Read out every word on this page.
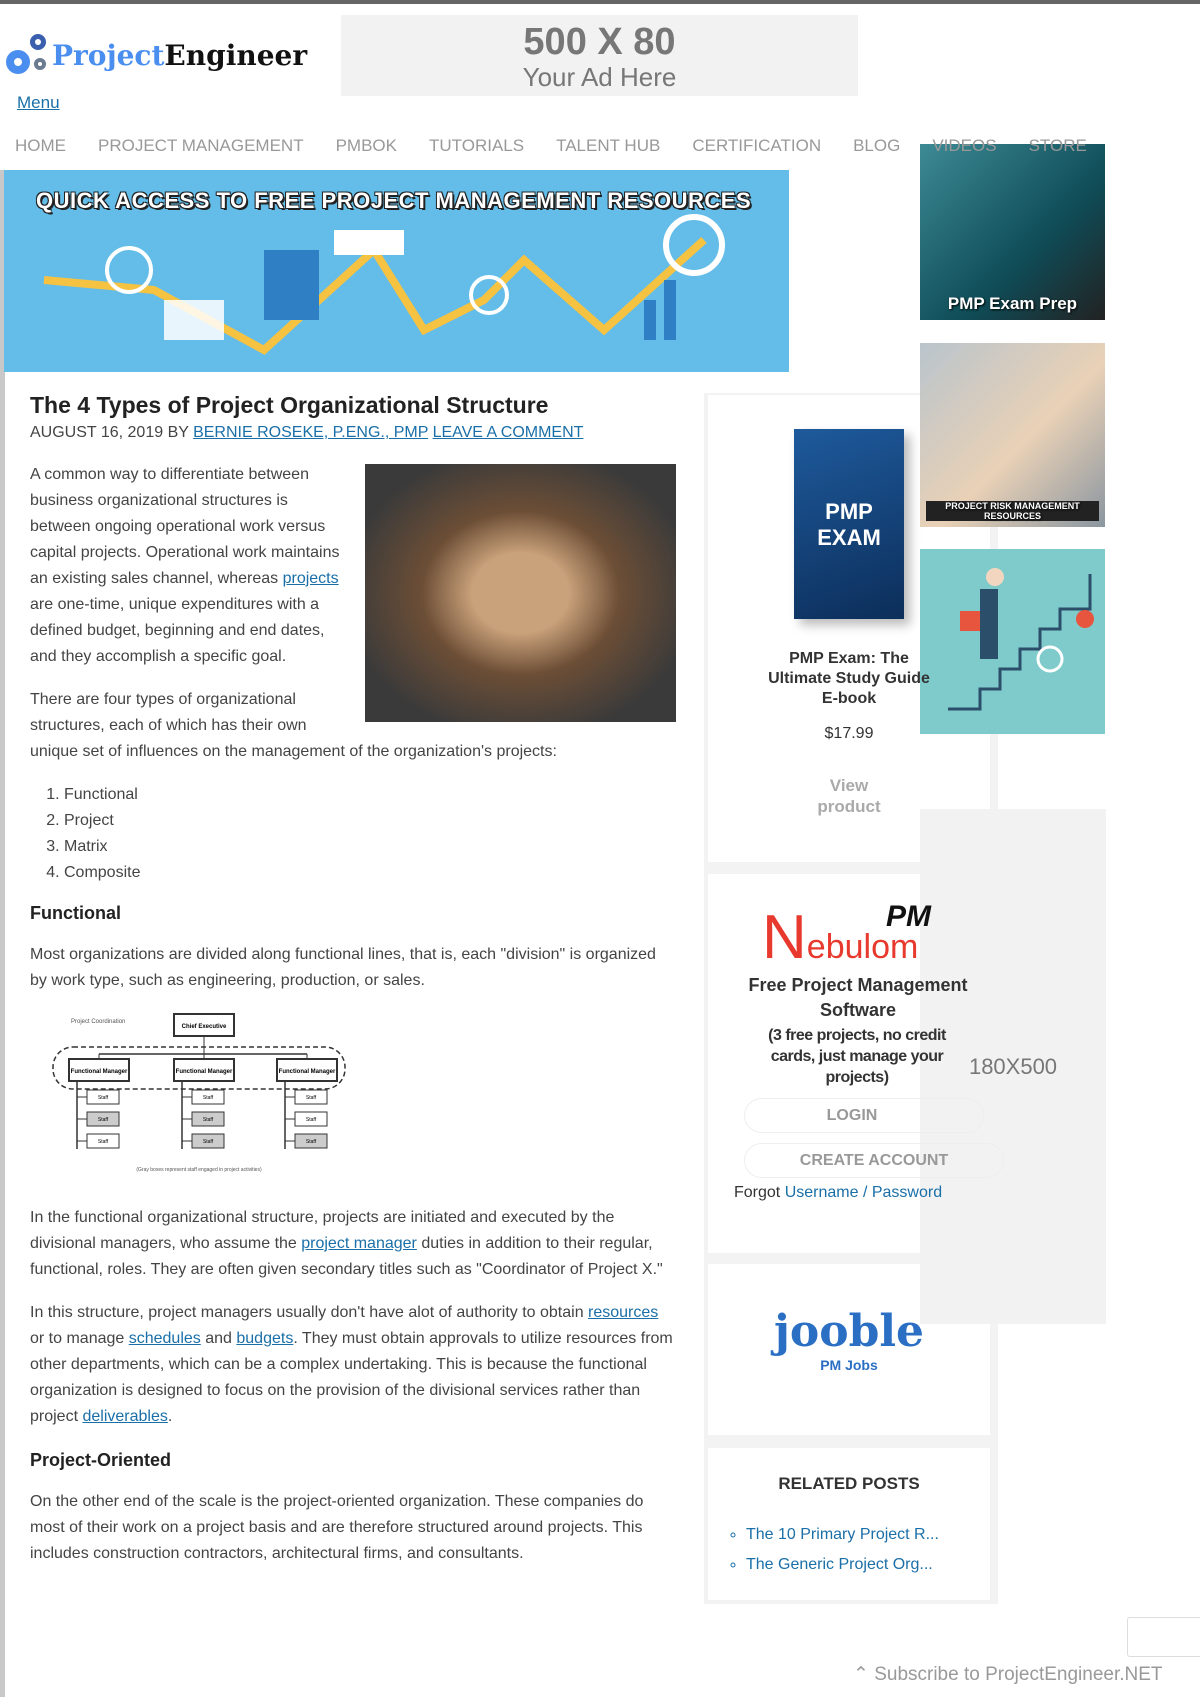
Project Engineer	500 X 80
Your Ad Here
Menu
QUICK ACCESS TO FREE PROJECT MANAGEMENT RESOURCES
PMP Exam Prep
HOME PROJECT MANAGEMENT PMBOK TUTORIALS TALENT HUB CERTIFICATION BLOG VIDEOS STORE
PMP EXAM
PMP Exam: The Ultimate Study Guide E-book
$17.99
View product
Nebulom
PM
Free Project Management Software
(3 free projects, no credit cards, just manage your projects)
LOGIN
CREATE ACCOUNT
Forgot Username / Password
jooble
PM Jobs
RELATED POSTS
◦ The 10 Primary Project R...
◦ The Generic Project Org...
PROJECT RISK MANAGEMENT RESOURCES
180X500
The 4 Types of Project Organizational Structure
AUGUST 16, 2019 BY BERNIE ROSEKE, P.ENG., PMP LEAVE A COMMENT

A common way to differentiate between business organizational structures is between ongoing operational work versus capital projects. Operational work maintains an existing sales channel, whereas projects are one-time, unique expenditures with a defined budget, beginning and end dates, and they accomplish a specific goal.

There are four types of organizational structures, each of which has their own unique set of influences on the management of the organization's projects:

1. Functional
2. Project
3. Matrix
4. Composite
Functional

Most organizations are divided along functional lines, that is, each "division" is organized by work type, such as engineering, production, or sales.

Project Coordination
Chief Executive
Functional Manager
Staff
Staff
Staff
Functional Manager
Staff
Staff
Staff
Functional Manager
Staff
Staff
Staff
(Gray boxes represent staff engaged in project activities)

In the functional organizational structure, projects are initiated and executed by the divisional managers, who assume the project manager duties in addition to their regular, functional, roles. They are often given secondary titles such as "Coordinator of Project X."

In this structure, project managers usually don't have alot of authority to obtain resources or to manage schedules and budgets. They must obtain approvals to utilize resources from other departments, which can be a complex undertaking. This is because the functional organization is designed to focus on the provision of the divisional services rather than project deliverables.

Project-Oriented

On the other end of the scale is the project-oriented organization. These companies do most of their work on a project basis and are therefore structured around projects. This includes construction contractors, architectural firms, and consultants.

⌃ Subscribe to ProjectEngineer.NET
